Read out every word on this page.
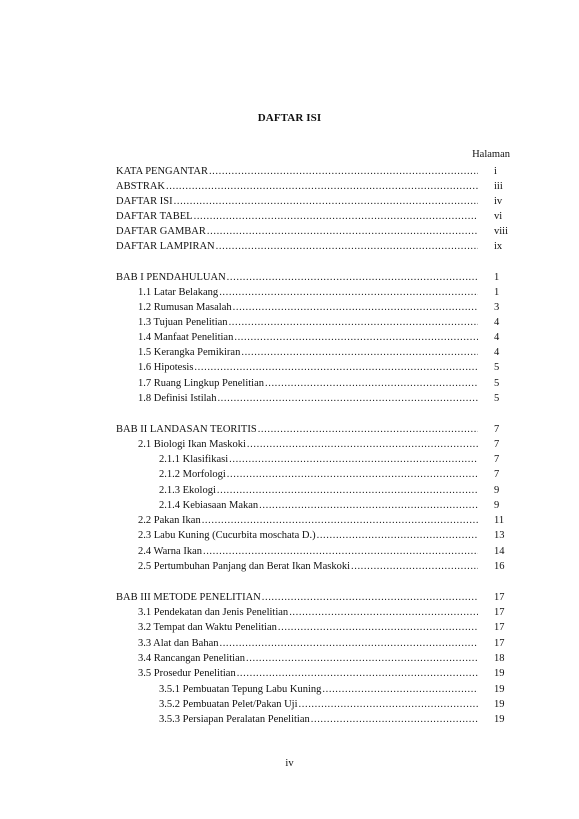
DAFTAR ISI
Halaman
KATA PENGANTAR .....	i
ABSTRAK .....	iii
DAFTAR ISI .....	iv
DAFTAR TABEL .....	vi
DAFTAR GAMBAR .....	viii
DAFTAR LAMPIRAN .....	ix
BAB I PENDAHULUAN .....	1
1.1 Latar Belakang .....	1
1.2 Rumusan Masalah .....	3
1.3 Tujuan Penelitian .....	4
1.4 Manfaat Penelitian .....	4
1.5 Kerangka Pemikiran .....	4
1.6 Hipotesis .....	5
1.7 Ruang Lingkup Penelitian .....	5
1.8 Definisi Istilah .....	5
BAB II LANDASAN TEORITIS .....	7
2.1 Biologi Ikan Maskoki .....	7
2.1.1 Klasifikasi .....	7
2.1.2 Morfologi .....	7
2.1.3 Ekologi .....	9
2.1.4 Kebiasaan Makan .....	9
2.2 Pakan Ikan .....	11
2.3 Labu Kuning (Cucurbita moschata D.) .....	13
2.4 Warna Ikan .....	14
2.5 Pertumbuhan Panjang dan Berat Ikan Maskoki .....	16
BAB III METODE PENELITIAN .....	17
3.1 Pendekatan dan Jenis Penelitian .....	17
3.2 Tempat dan Waktu Penelitian .....	17
3.3 Alat dan Bahan .....	17
3.4 Rancangan Penelitian .....	18
3.5 Prosedur Penelitian .....	19
3.5.1 Pembuatan Tepung Labu Kuning .....	19
3.5.2 Pembuatan Pelet/Pakan Uji .....	19
3.5.3 Persiapan Peralatan Penelitian .....	19
iv
